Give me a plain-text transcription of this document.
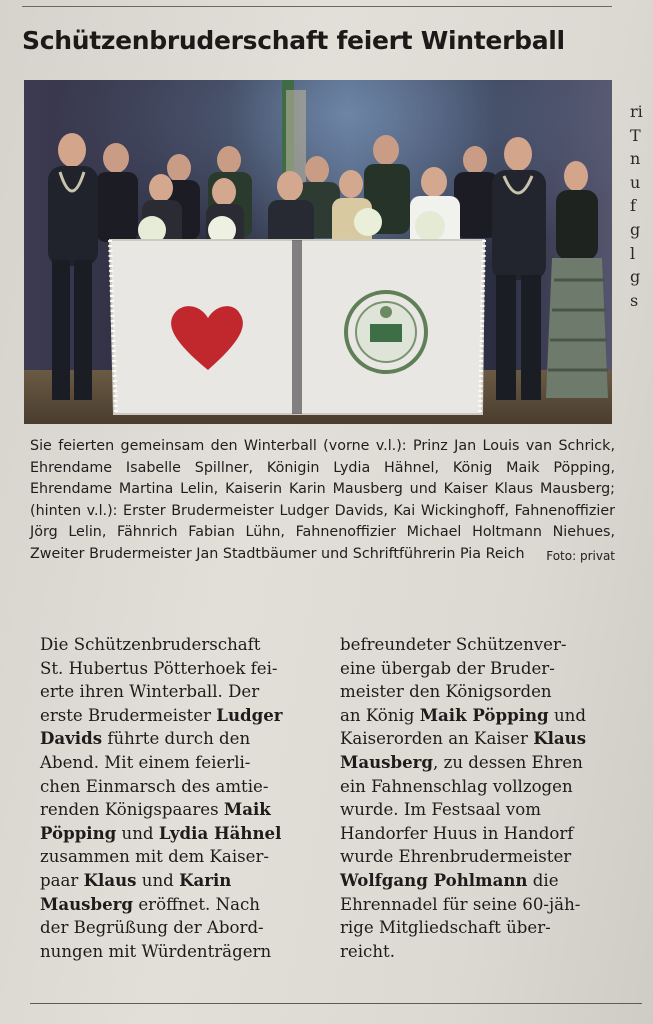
Schützenbruderschaft feiert Winterball

Sie feierten gemeinsam den Winterball (vorne v.l.): Prinz Jan Louis van Schrick, Ehrendame Isabelle Spillner, Königin Lydia Hähnel, König Maik Pöpping, Ehrendame Martina Lelin, Kaiserin Karin Mausberg und Kaiser Klaus Mausberg; (hinten v.l.): Erster Brudermeister Ludger Davids, Kai Wickinghoff, Fahnenoffizier Jörg Lelin, Fähnrich Fabian Lühn, Fahnenoffizier Michael Holtmann Niehues, Zweiter Brudermeister Jan Stadtbäumer und Schriftführerin Pia Reich Foto: privat

Die Schützenbruderschaft
St. Hubertus Pötterhoek fei-
erte ihren Winterball. Der
erste Brudermeister Ludger
Davids führte durch den
Abend. Mit einem feierli-
chen Einmarsch des amtie-
renden Königspaares Maik
Pöpping und Lydia Hähnel
zusammen mit dem Kaiser-
paar Klaus und Karin
Mausberg eröffnet. Nach
der Begrüßung der Abord-
nungen mit Würdenträgern
befreundeter Schützenver-
eine übergab der Bruder-
meister den Königsorden
an König Maik Pöpping und
Kaiserorden an Kaiser Klaus
Mausberg, zu dessen Ehren
ein Fahnenschlag vollzogen
wurde. Im Festsaal vom
Handorfer Huus in Handorf
wurde Ehrenbrudermeister
Wolfgang Pohlmann die
Ehrennadel für seine 60-jäh-
rige Mitgliedschaft über-
reicht.
ri
T
n
u
f
g
l
g
s
